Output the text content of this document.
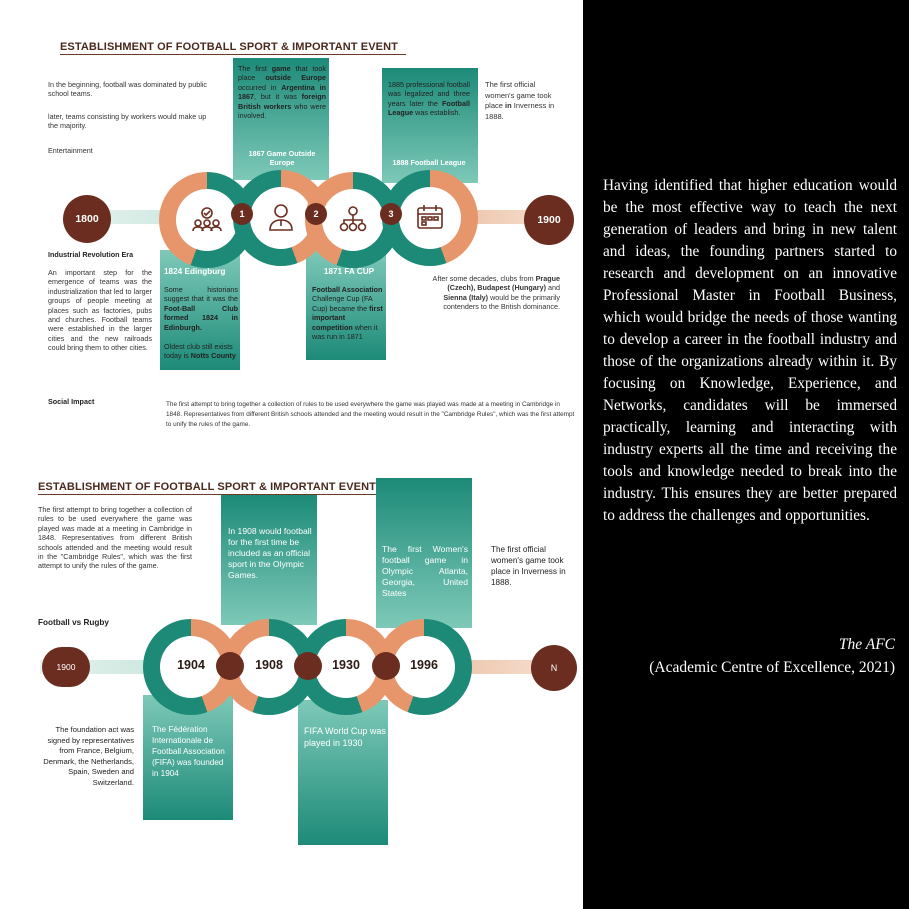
ESTABLISHMENT OF FOOTBALL SPORT & IMPORTANT EVENT
In the beginning, football was dominated by public school teams.
later, teams consisting by workers would make up the majority.
Entertainment
The first game that took place outside Europe occurred in Argentina in 1867, but it was foreign British workers who were involved.
1867 Game Outside Europe
1885 professional football was legalized and three years later the Football League was establish.
1888 Football League
The first official women's game took place in Inverness in 1888.
1	2	3
1800	1900
Industrial Revolution Era
An important step for the emergence of teams was the industrialization that led to larger groups of people meeting at places such as factories, pubs and churches. Football teams were established in the larger cities and the new railroads could bring them to other cities.
Social Impact
1824 Edingburg
Some historians suggest that it was the Foot-Ball Club formed 1824 in Edinburgh.
Oldest club still exists today is Notts County
1871 FA CUP
Football Association Challenge Cup (FA Cup) became the first important competition when it was run in 1871
After some decades, clubs from Prague (Czech), Budapest (Hungary) and Sienna (Italy) would be the primarily contenders to the British dominance.
The first attempt to bring together a collection of rules to be used everywhere the game was played was made at a meeting in Cambridge in 1848. Representatives from different British schools attended and the meeting would result in the "Cambridge Rules", which was the first attempt to unify the rules of the game.
ESTABLISHMENT OF FOOTBALL SPORT & IMPORTANT EVENT
The first attempt to bring together a collection of rules to be used everywhere the game was played was made at a meeting in Cambridge in 1848. Representatives from different British schools attended and the meeting would result in the "Cambridge Rules", which was the first attempt to unify the rules of the game.
Football vs Rugby
In 1908 would football for the first time be included as an official sport in the Olympic Games.
The first Women's football game in Olympic Atlanta, Georgia, United States
The first official women's game took place in Inverness in 1888.
1904	1908	1930	1996
1900	N
The foundation act was signed by representatives from France, Belgium, Denmark, the Netherlands, Spain, Sweden and Switzerland.
The Fédération Internationale de Football Association (FIFA) was founded in 1904
FIFA World Cup was played in 1930
Having identified that higher education would be the most effective way to teach the next generation of leaders and bring in new talent and ideas, the founding partners started to research and development on an innovative Professional Master in Football Business, which would bridge the needs of those wanting to develop a career in the football industry and those of the organizations already within it. By focusing on Knowledge, Experience, and Networks, candidates will be immersed practically, learning and interacting with industry experts all the time and receiving the tools and knowledge needed to break into the industry. This ensures they are better prepared to address the challenges and opportunities.
The AFC
(Academic Centre of Excellence, 2021)
